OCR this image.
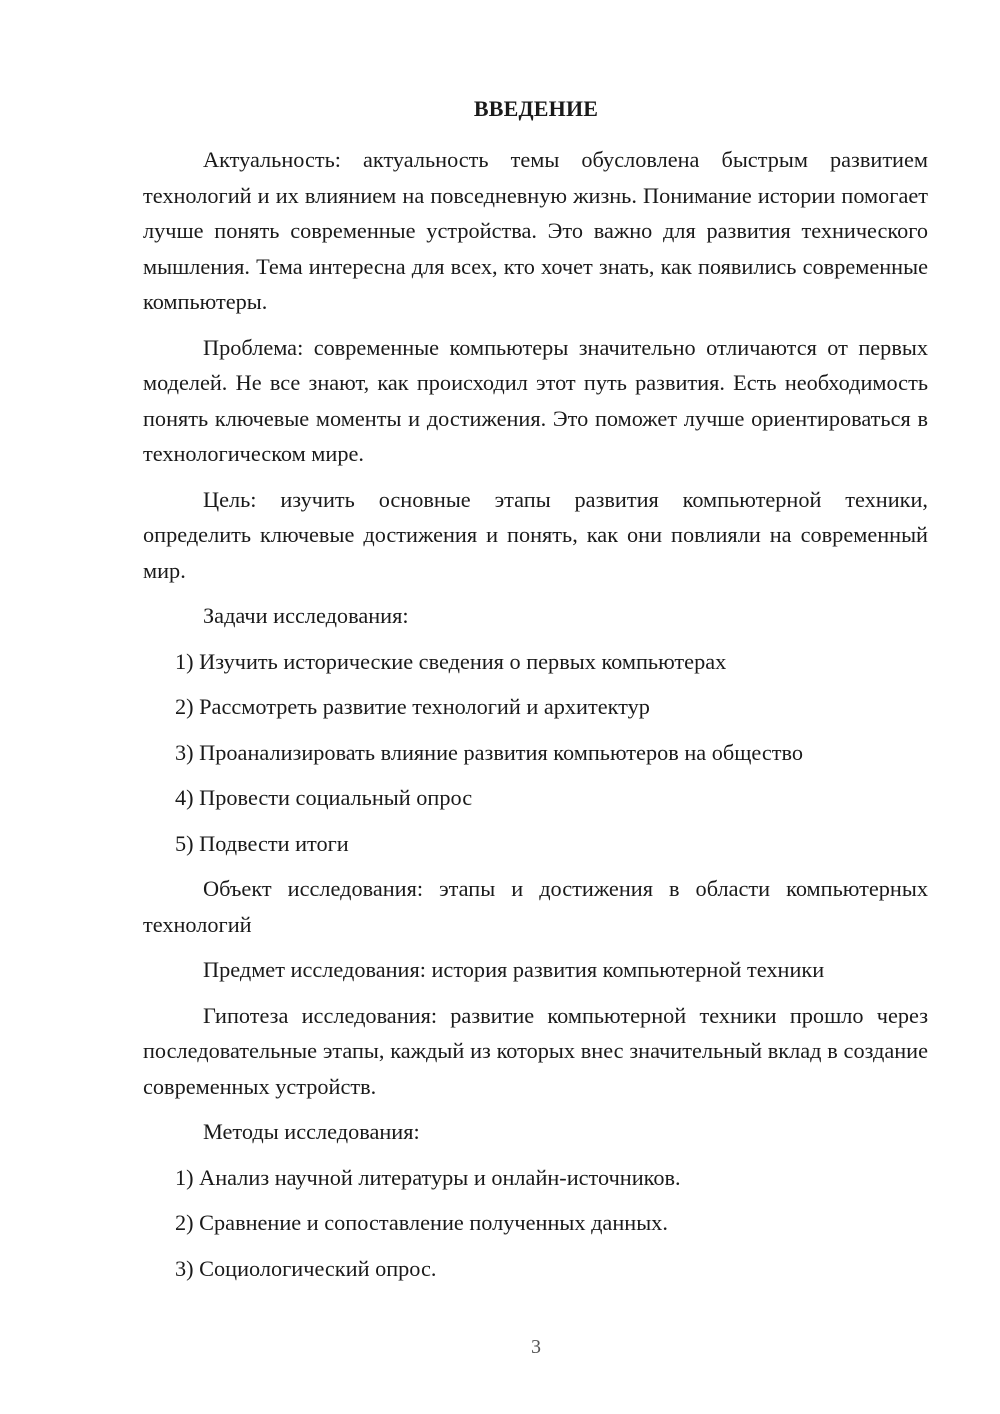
ВВЕДЕНИЕ

Актуальность: актуальность темы обусловлена быстрым развитием технологий и их влиянием на повседневную жизнь. Понимание истории помогает лучше понять современные устройства. Это важно для развития технического мышления. Тема интересна для всех, кто хочет знать, как появились современные компьютеры.

Проблема: современные компьютеры значительно отличаются от первых моделей. Не все знают, как происходил этот путь развития. Есть необходимость понять ключевые моменты и достижения. Это поможет лучше ориентироваться в технологическом мире.

Цель: изучить основные этапы развития компьютерной техники, определить ключевые достижения и понять, как они повлияли на современный мир.

Задачи исследования:

1) Изучить исторические сведения о первых компьютерах

2) Рассмотреть развитие технологий и архитектур

3) Проанализировать влияние развития компьютеров на общество

4) Провести социальный опрос

5) Подвести итоги

Объект исследования: этапы и достижения в области компьютерных технологий

Предмет исследования: история развития компьютерной техники

Гипотеза исследования: развитие компьютерной техники прошло через последовательные этапы, каждый из которых внес значительный вклад в создание современных устройств.

Методы исследования:

1) Анализ научной литературы и онлайн-источников.

2) Сравнение и сопоставление полученных данных.

3) Социологический опрос.

3
